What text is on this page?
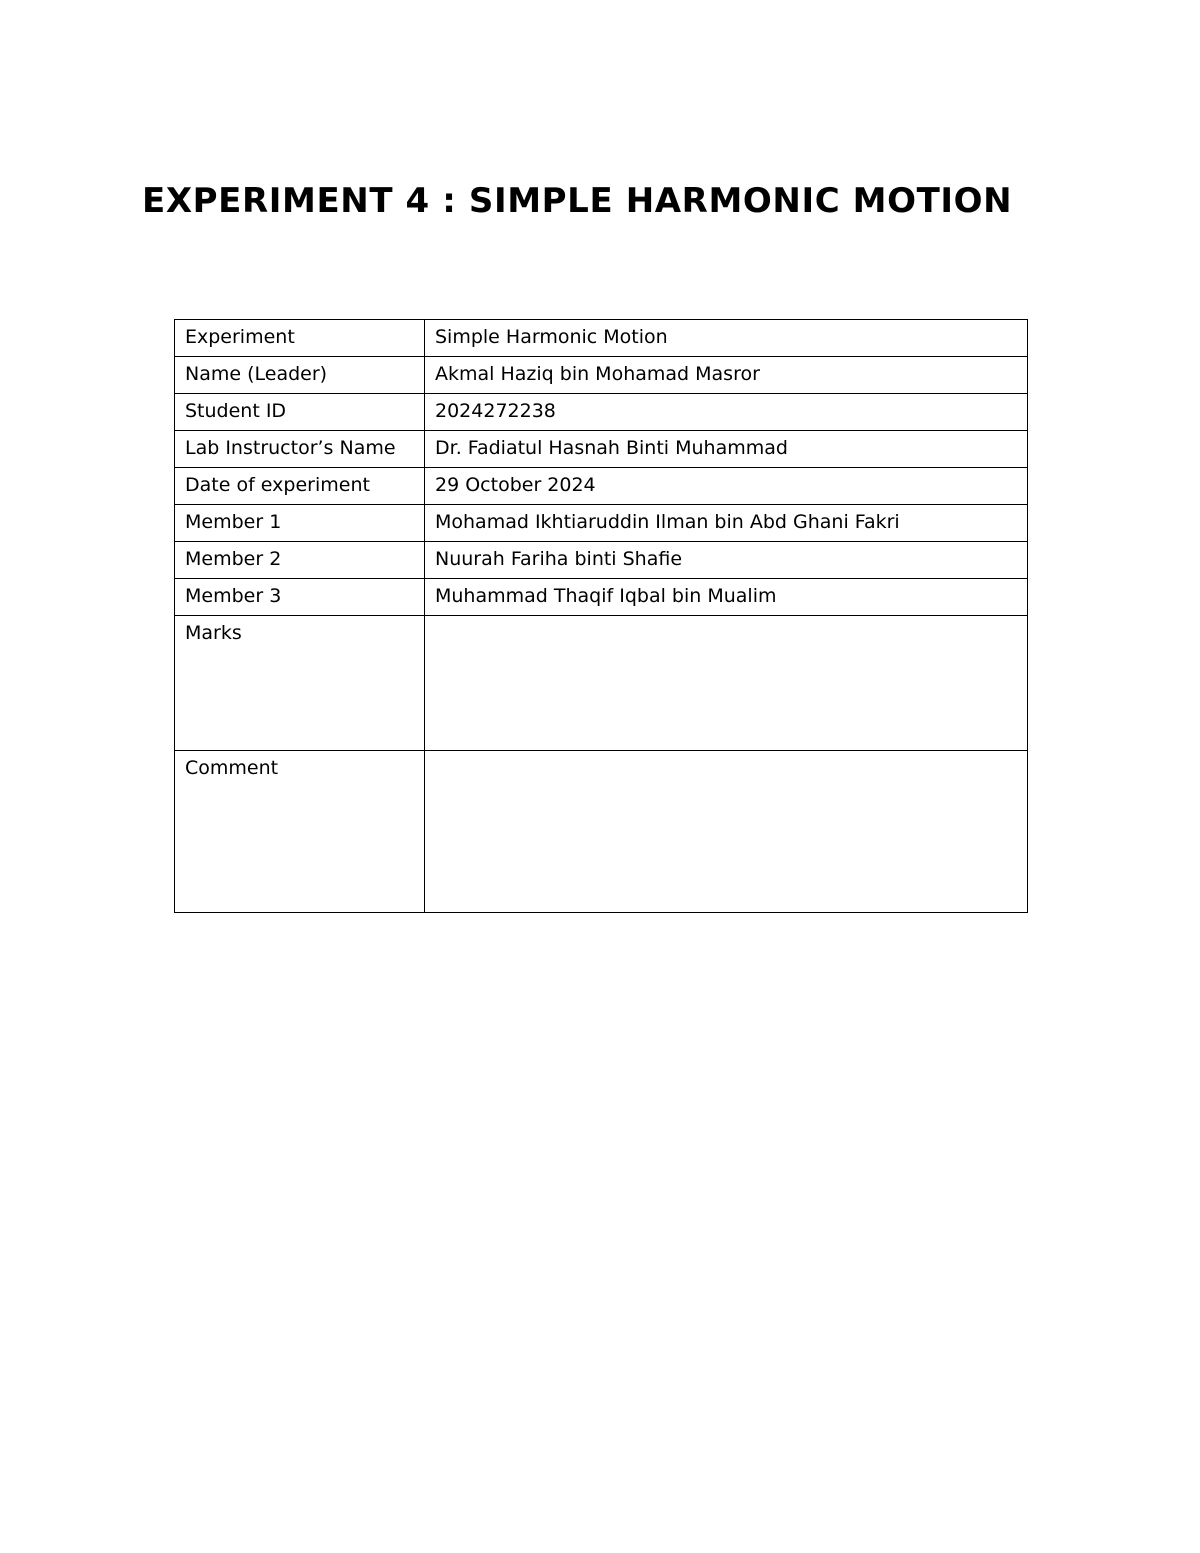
EXPERIMENT 4 : SIMPLE HARMONIC MOTION
Experiment	Simple Harmonic Motion
Name (Leader)	Akmal Haziq bin Mohamad Masror
Student ID	2024272238
Lab Instructor’s Name	Dr. Fadiatul Hasnah Binti Muhammad
Date of experiment	29 October 2024
Member 1	Mohamad Ikhtiaruddin Ilman bin Abd Ghani Fakri
Member 2	Nuurah Fariha binti Shafie
Member 3	Muhammad Thaqif Iqbal bin Mualim
Marks	
Comment	
